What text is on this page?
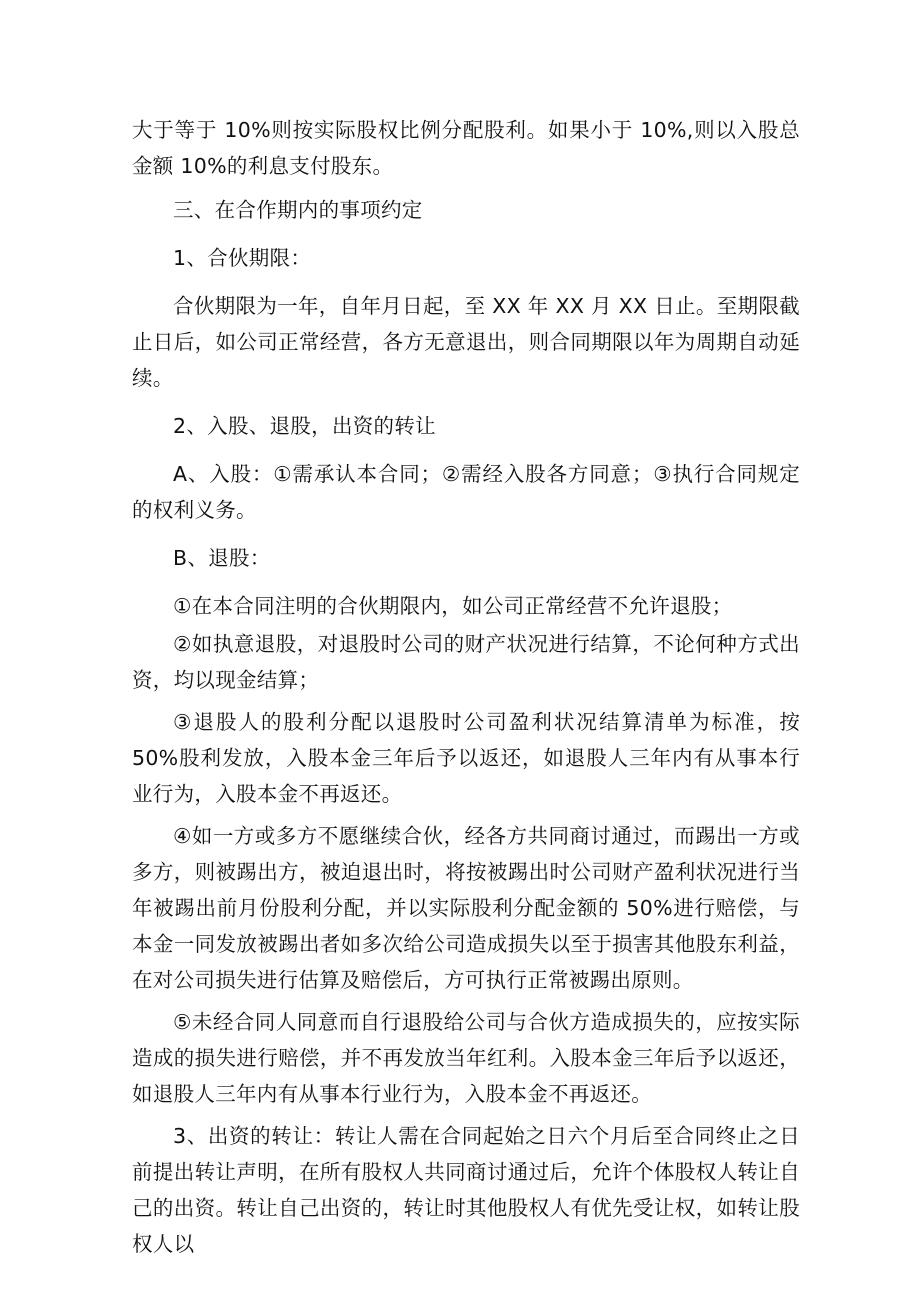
大于等于 10%则按实际股权比例分配股利。如果小于 10%,则以入股总金额 10%的利息支付股东。

三、在合作期内的事项约定

1、合伙期限：

合伙期限为一年，自年月日起，至 XX 年 XX 月 XX 日止。至期限截止日后，如公司正常经营，各方无意退出，则合同期限以年为周期自动延续。

2、入股、退股，出资的转让

A、入股：①需承认本合同；②需经入股各方同意；③执行合同规定的权利义务。

B、退股：

①在本合同注明的合伙期限内，如公司正常经营不允许退股；

②如执意退股，对退股时公司的财产状况进行结算，不论何种方式出资，均以现金结算；

③退股人的股利分配以退股时公司盈利状况结算清单为标准，按 50%股利发放，入股本金三年后予以返还，如退股人三年内有从事本行业行为，入股本金不再返还。

④如一方或多方不愿继续合伙，经各方共同商讨通过，而踢出一方或多方，则被踢出方，被迫退出时，将按被踢出时公司财产盈利状况进行当年被踢出前月份股利分配，并以实际股利分配金额的 50%进行赔偿，与本金一同发放被踢出者如多次给公司造成损失以至于损害其他股东利益，在对公司损失进行估算及赔偿后，方可执行正常被踢出原则。

⑤未经合同人同意而自行退股给公司与合伙方造成损失的，应按实际造成的损失进行赔偿，并不再发放当年红利。入股本金三年后予以返还，如退股人三年内有从事本行业行为，入股本金不再返还。

3、出资的转让：转让人需在合同起始之日六个月后至合同终止之日前提出转让声明，在所有股权人共同商讨通过后，允许个体股权人转让自己的出资。转让自己出资的，转让时其他股权人有优先受让权，如转让股权人以
